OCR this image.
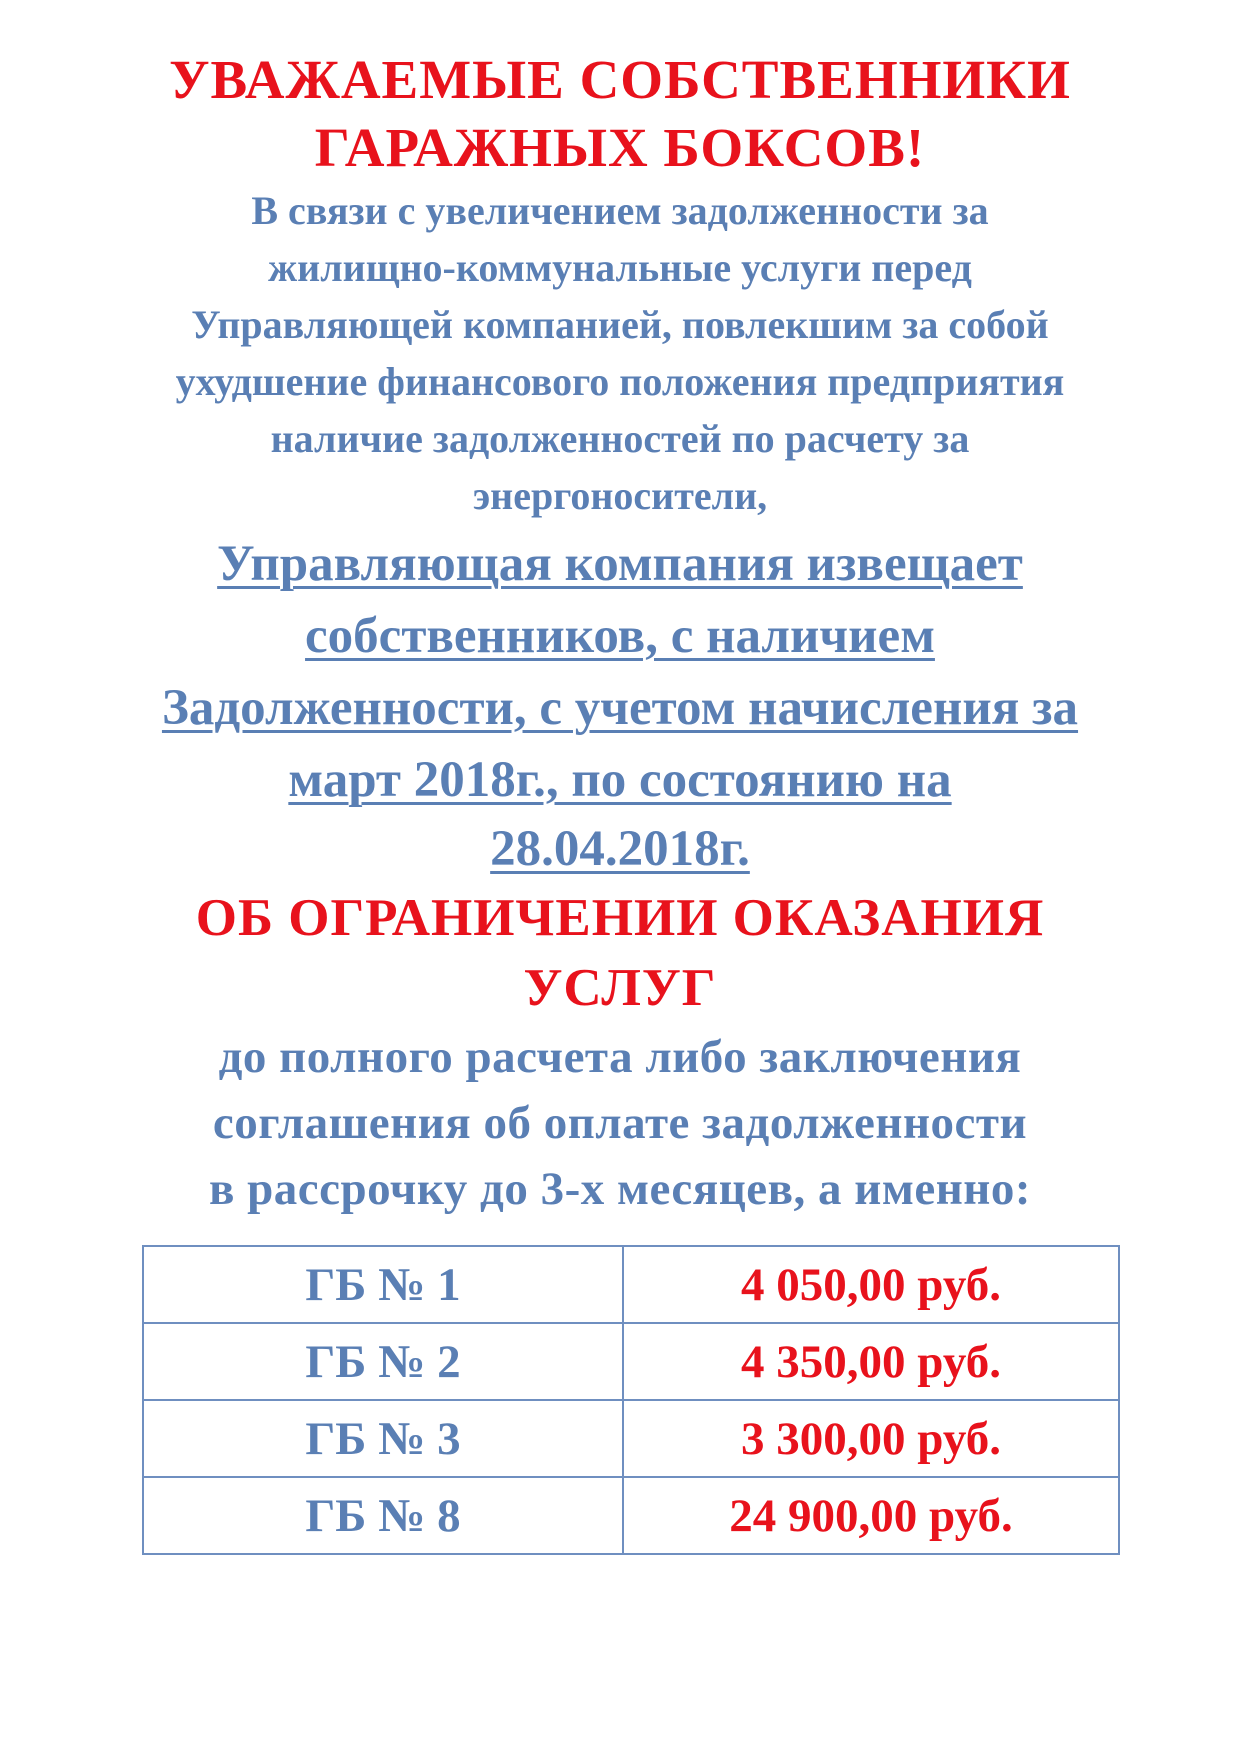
УВАЖАЕМЫЕ СОБСТВЕННИКИ
ГАРАЖНЫХ БОКСОВ!
В связи с увеличением задолженности за
жилищно-коммунальные услуги перед
Управляющей компанией, повлекшим за собой
ухудшение финансового положения предприятия
наличие задолженностей по расчету за
энергоносители,
Управляющая компания извещает
собственников, с наличием
Задолженности, с учетом начисления за
март 2018г., по состоянию на
28.04.2018г.
ОБ ОГРАНИЧЕНИИ ОКАЗАНИЯ
УСЛУГ
до полного расчета либо заключения
соглашения об оплате задолженности
в рассрочку до 3-х месяцев, а именно:
ГБ № 1	4 050,00 руб.
ГБ № 2	4 350,00 руб.
ГБ № 3	3 300,00 руб.
ГБ № 8	24 900,00 руб.
